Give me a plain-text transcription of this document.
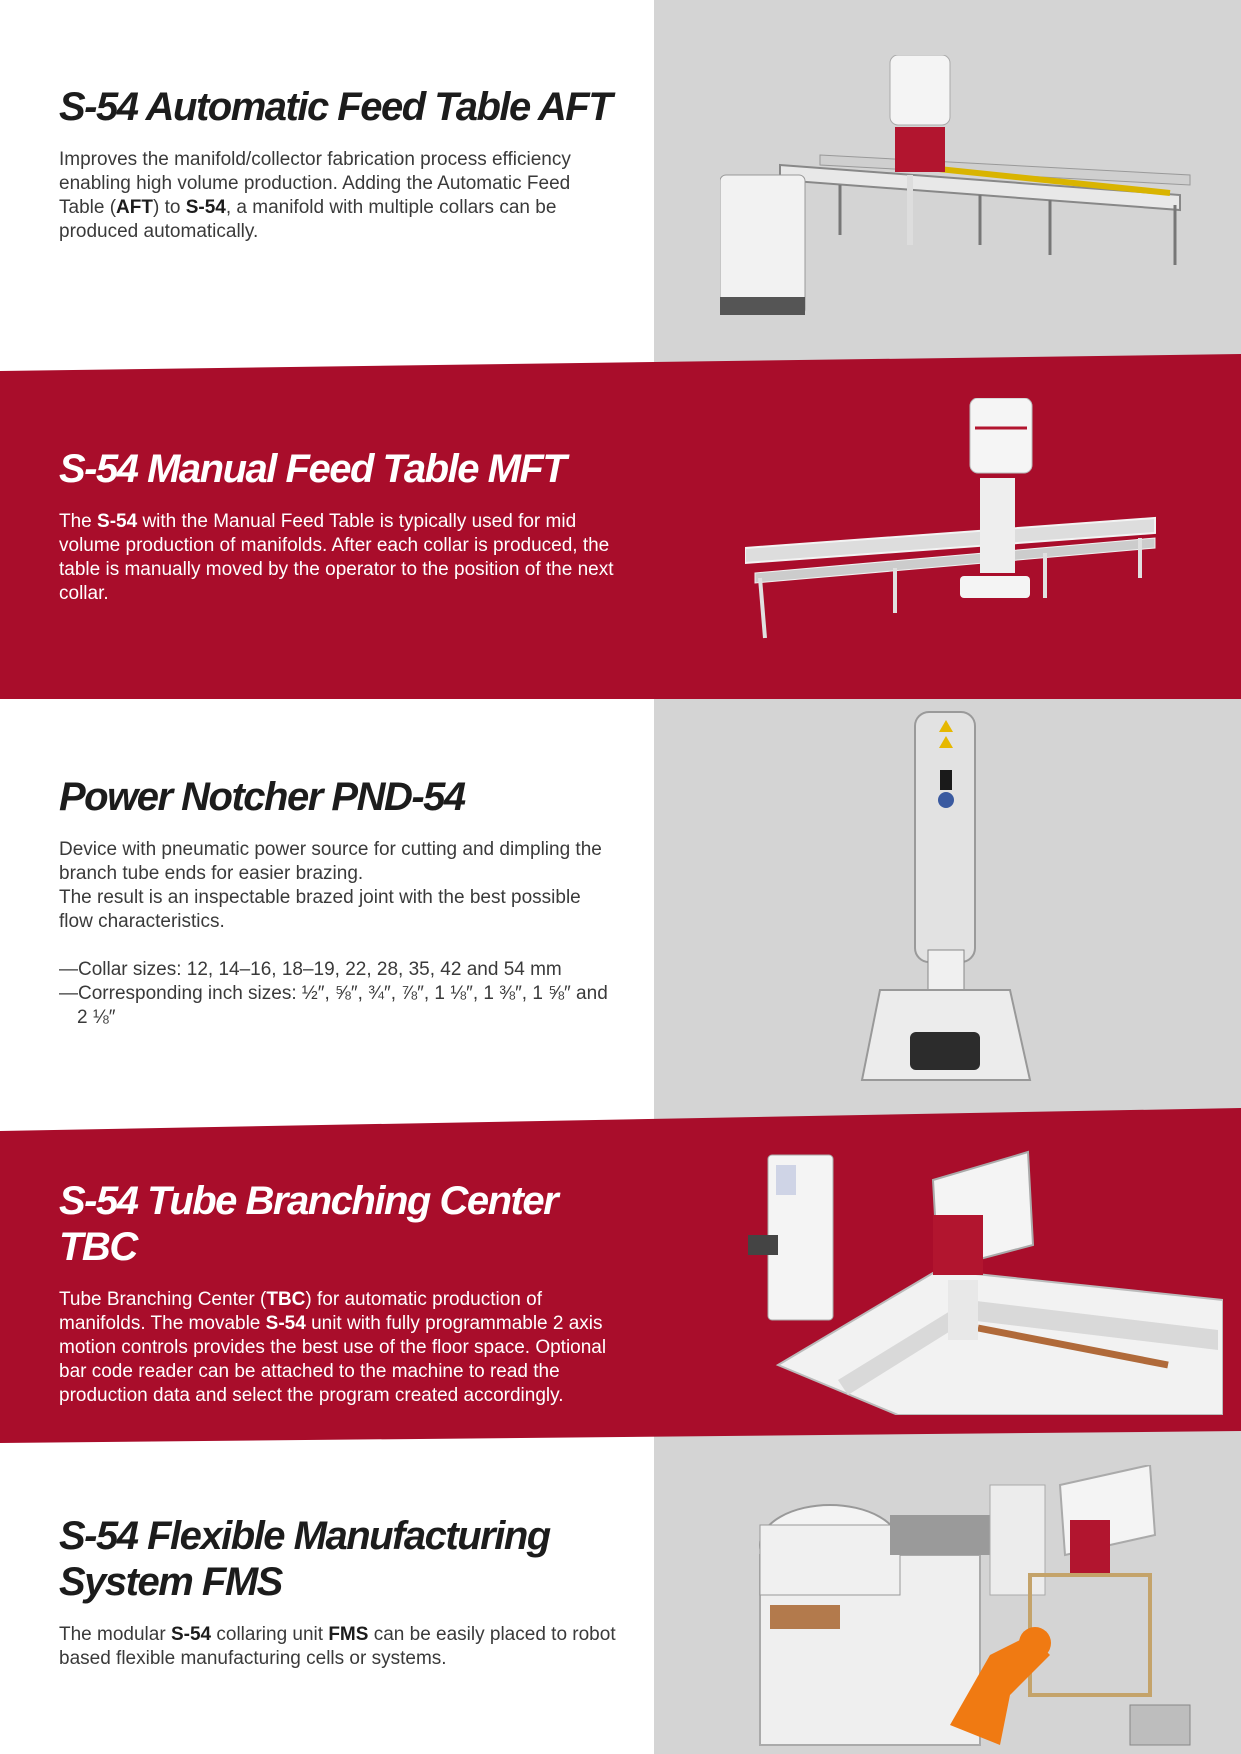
S-54 Automatic Feed Table AFT

Improves the manifold/collector fabrication process efficiency enabling high volume production. Adding the Automatic Feed Table (AFT) to S-54, a manifold with multiple collars can be produced automatically.

S-54 Manual Feed Table MFT

The S-54 with the Manual Feed Table is typically used for mid volume production of manifolds. After each collar is produced, the table is manually moved by the operator to the position of the next collar.

Power Notcher PND-54

Device with pneumatic power source for cutting and dimpling the branch tube ends for easier brazing.
The result is an inspectable brazed joint with the best possible flow characteristics.

— Collar sizes: 12, 14–16, 18–19, 22, 28, 35, 42 and 54 mm
— Corresponding inch sizes: ½″, ⅝″, ¾″, ⅞″, 1 ⅛″, 1 ⅜″, 1 ⅝″ and 2 ⅛″
S-54 Tube Branching Center TBC

Tube Branching Center (TBC) for automatic production of manifolds. The movable S-54 unit with fully programmable 2 axis motion controls provides the best use of the floor space. Optional bar code reader can be attached to the machine to read the production data and select the program created accordingly.

S-54 Flexible Manufacturing
System FMS

The modular S-54 collaring unit FMS can be easily placed to robot based flexible manufacturing cells or systems.
